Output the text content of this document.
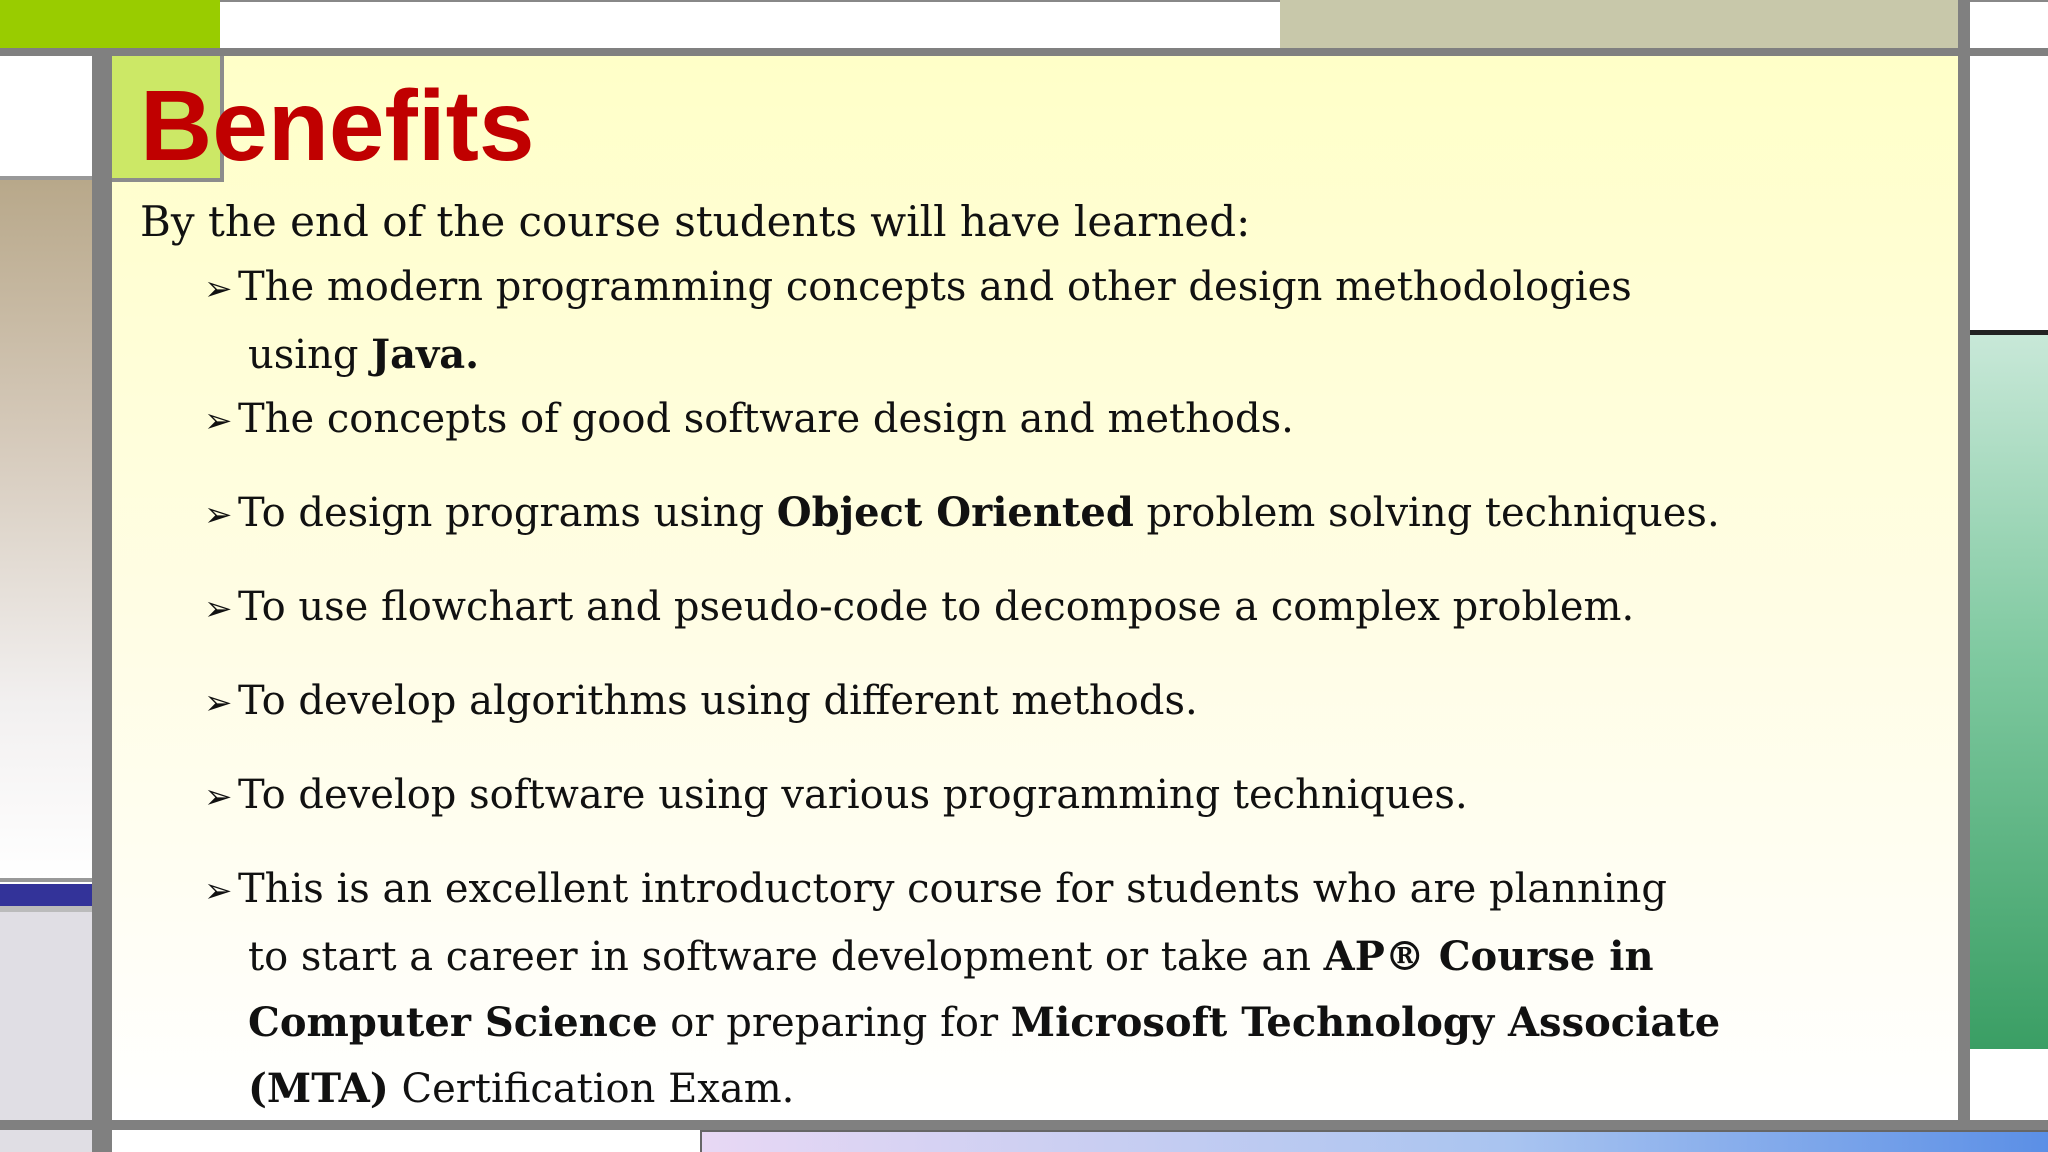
Benefits

By the end of the course students will have learned:

➢ The modern programming concepts and other design methodologies
using Java.
➢ The concepts of good software design and methods.
➢ To design programs using Object Oriented problem solving techniques.
➢ To use flowchart and pseudo-code to decompose a complex problem.
➢ To develop algorithms using different methods.
➢ To develop software using various programming techniques.
➢ This is an excellent introductory course for students who are planning
to start a career in software development or take an AP® Course in
Computer Science or preparing for Microsoft Technology Associate
(MTA) Certification Exam.
